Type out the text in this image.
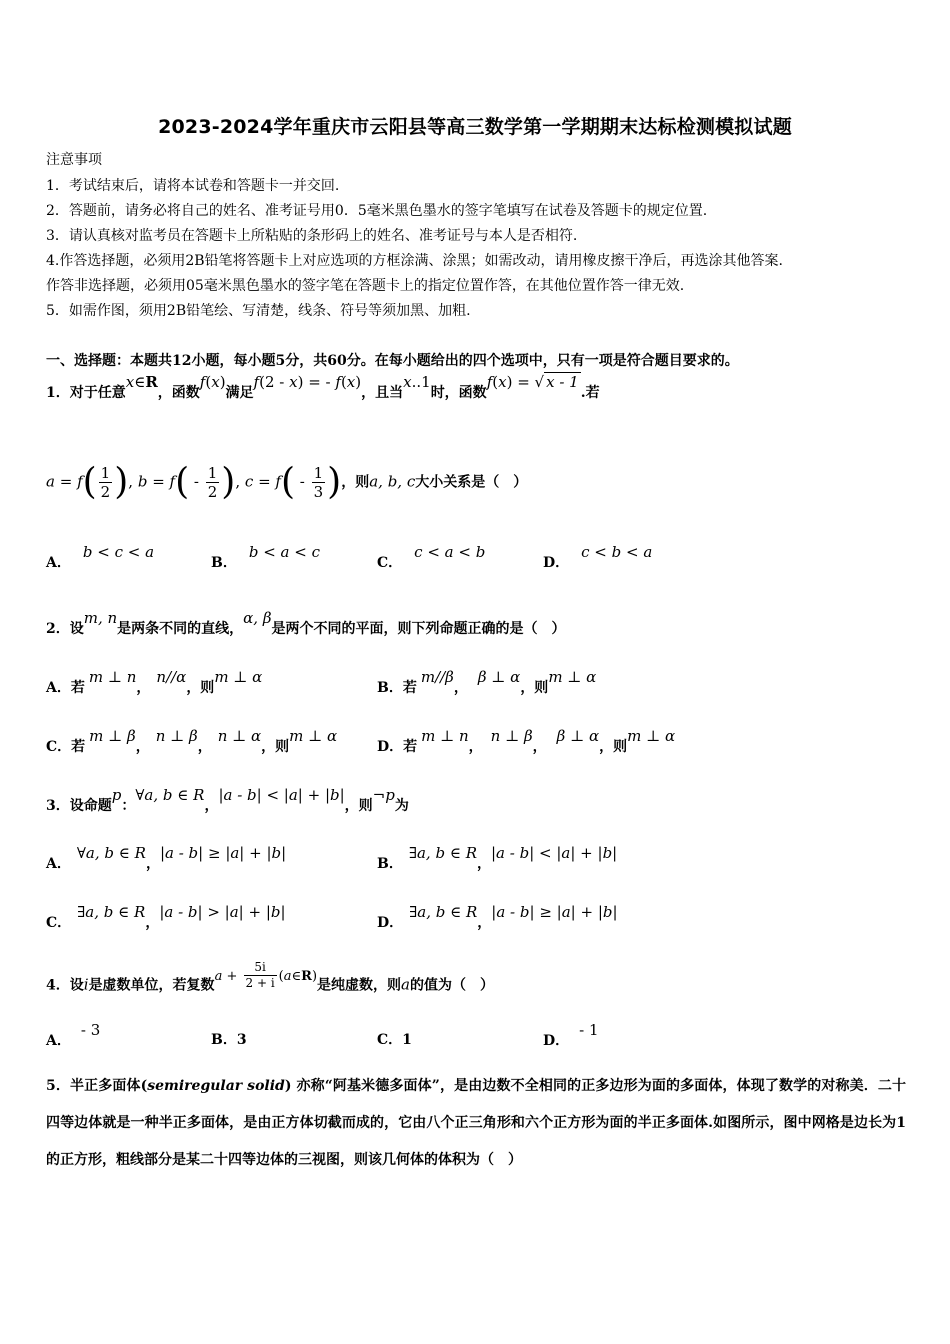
2023-2024学年重庆市云阳县等高三数学第一学期期末达标检测模拟试题
注意事项
1．考试结束后，请将本试卷和答题卡一并交回.
2．答题前，请务必将自己的姓名、准考证号用0．5毫米黑色墨水的签字笔填写在试卷及答题卡的规定位置.
3．请认真核对监考员在答题卡上所粘贴的条形码上的姓名、准考证号与本人是否相符.
4.作答选择题，必须用2B铅笔将答题卡上对应选项的方框涂满、涂黑；如需改动，请用橡皮擦干净后，再选涂其他答案.
作答非选择题，必须用05毫米黑色墨水的签字笔在答题卡上的指定位置作答，在其他位置作答一律无效.
5．如需作图，须用2B铅笔绘、写清楚，线条、符号等须加黑、加粗.
一、选择题：本题共12小题，每小题5分，共60分。在每小题给出的四个选项中，只有一项是符合题目要求的。
1．对于任意x∈R，函数f(x)满足f(2 - x) = - f(x)，且当x..1时，函数f(x) = √ x - 1.若
$a = f( \frac{1}{2}$ ), $b = f( - \frac{1}{2}$ ), $c = f( - \frac{1}{3}$ )，则a, b, c大小关系是（　）
A．b < c < a
B．b < a < c
C．c < a < b
D．c < b < a
2．设m, n是两条不同的直线，α, β是两个不同的平面，则下列命题正确的是（　）
A．若m ⊥ n，n//α，则m ⊥ α
B．若m//β，β ⊥ α，则m ⊥ α
C．若m ⊥ β，n ⊥ β，n ⊥ α，则m ⊥ α
D．若m ⊥ n，n ⊥ β，β ⊥ α，则m ⊥ α
3．设命题p：∀a, b ∈ R，|a - b| < |a| + |b|，则¬p为
A．∀a, b ∈ R，|a - b| ≥ |a| + |b|
B．∃a, b ∈ R，|a - b| < |a| + |b|
C．∃a, b ∈ R，|a - b| > |a| + |b|
D．∃a, b ∈ R，|a - b| ≥ |a| + |b|
4．设i是虚数单位，若复数$a + \frac{5i}{2 + i}$ (a∈R)是纯虚数，则a的值为（　）
A．- 3
B．3	C．1	D．- 1
5．半正多面体(semiregular solid) 亦称“阿基米德多面体”，是由边数不全相同的正多边形为面的多面体，体现了数学的对称美．二十四等边体就是一种半正多面体，是由正方体切截而成的，它由八个正三角形和六个正方形为面的半正多面体.如图所示，图中网格是边长为1的正方形，粗线部分是某二十四等边体的三视图，则该几何体的体积为（　）
